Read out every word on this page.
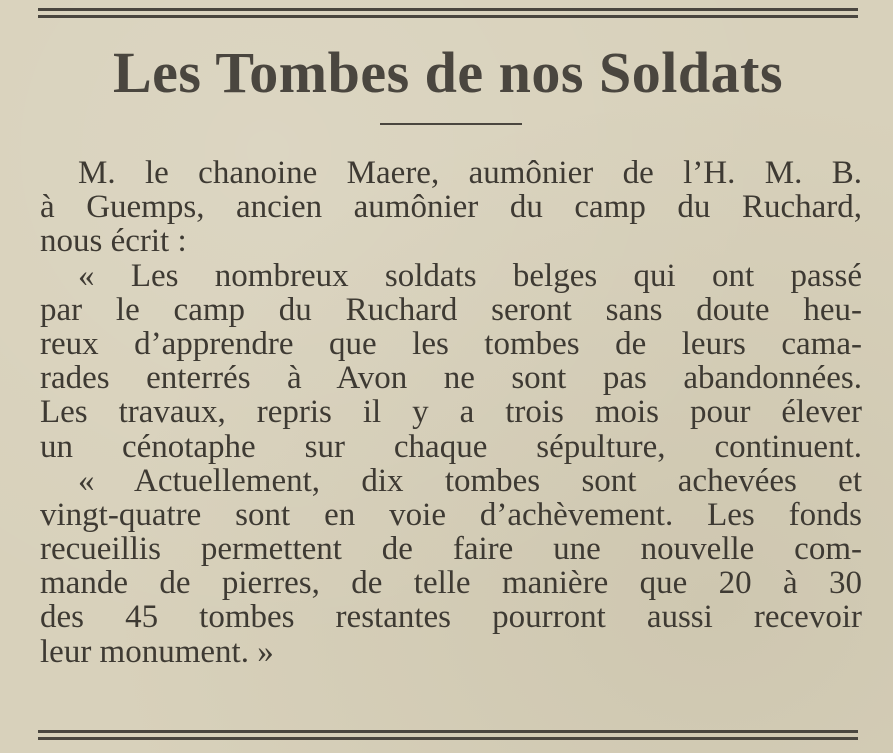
Les Tombes de nos Soldats
M. le chanoine Maere, aumônier de l’H. M. B.
à Guemps, ancien aumônier du camp du Ruchard,
nous écrit :
« Les nombreux soldats belges qui ont passé
par le camp du Ruchard seront sans doute heu-
reux d’apprendre que les tombes de leurs cama-
rades enterrés à Avon ne sont pas abandonnées.
Les travaux, repris il y a trois mois pour élever
un cénotaphe sur chaque sépulture, continuent.
« Actuellement, dix tombes sont achevées et
vingt-quatre sont en voie d’achèvement. Les fonds
recueillis permettent de faire une nouvelle com-
mande de pierres, de telle manière que 20 à 30
des 45 tombes restantes pourront aussi recevoir
leur monument. »
